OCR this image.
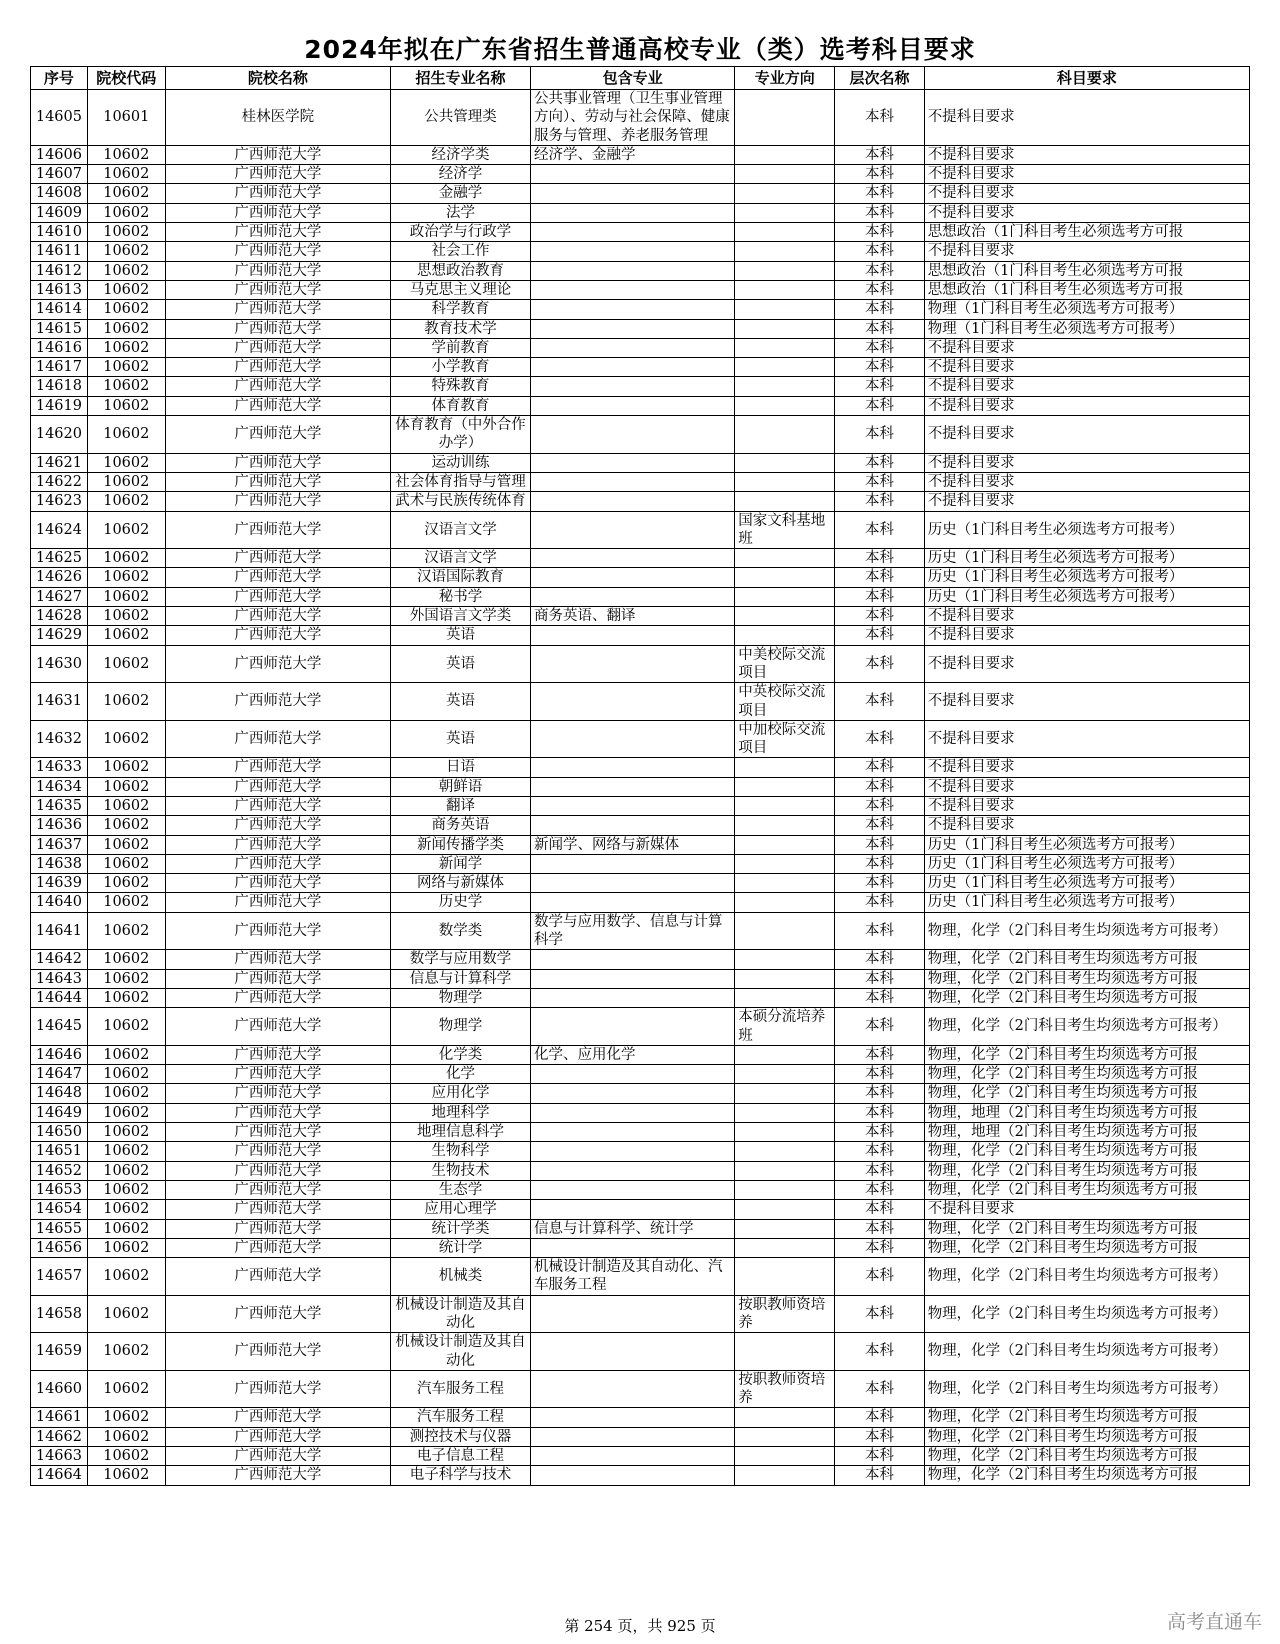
2024年拟在广东省招生普通高校专业（类）选考科目要求
序号	院校代码	院校名称	招生专业名称	包含专业	专业方向	层次名称	科目要求
14605	10601	桂林医学院	公共管理类	公共事业管理（卫生事业管理方向）、劳动与社会保障、健康服务与管理、养老服务管理		本科	不提科目要求
14606	10602	广西师范大学	经济学类	经济学、金融学		本科	不提科目要求
14607	10602	广西师范大学	经济学			本科	不提科目要求
14608	10602	广西师范大学	金融学			本科	不提科目要求
14609	10602	广西师范大学	法学			本科	不提科目要求
14610	10602	广西师范大学	政治学与行政学			本科	思想政治（1门科目考生必须选考方可报
14611	10602	广西师范大学	社会工作			本科	不提科目要求
14612	10602	广西师范大学	思想政治教育			本科	思想政治（1门科目考生必须选考方可报
14613	10602	广西师范大学	马克思主义理论			本科	思想政治（1门科目考生必须选考方可报
14614	10602	广西师范大学	科学教育			本科	物理（1门科目考生必须选考方可报考）
14615	10602	广西师范大学	教育技术学			本科	物理（1门科目考生必须选考方可报考）
14616	10602	广西师范大学	学前教育			本科	不提科目要求
14617	10602	广西师范大学	小学教育			本科	不提科目要求
14618	10602	广西师范大学	特殊教育			本科	不提科目要求
14619	10602	广西师范大学	体育教育			本科	不提科目要求
14620	10602	广西师范大学	体育教育（中外合作办学）			本科	不提科目要求
14621	10602	广西师范大学	运动训练			本科	不提科目要求
14622	10602	广西师范大学	社会体育指导与管理			本科	不提科目要求
14623	10602	广西师范大学	武术与民族传统体育			本科	不提科目要求
14624	10602	广西师范大学	汉语言文学		国家文科基地班	本科	历史（1门科目考生必须选考方可报考）
14625	10602	广西师范大学	汉语言文学			本科	历史（1门科目考生必须选考方可报考）
14626	10602	广西师范大学	汉语国际教育			本科	历史（1门科目考生必须选考方可报考）
14627	10602	广西师范大学	秘书学			本科	历史（1门科目考生必须选考方可报考）
14628	10602	广西师范大学	外国语言文学类	商务英语、翻译		本科	不提科目要求
14629	10602	广西师范大学	英语			本科	不提科目要求
14630	10602	广西师范大学	英语		中美校际交流项目	本科	不提科目要求
14631	10602	广西师范大学	英语		中英校际交流项目	本科	不提科目要求
14632	10602	广西师范大学	英语		中加校际交流项目	本科	不提科目要求
14633	10602	广西师范大学	日语			本科	不提科目要求
14634	10602	广西师范大学	朝鲜语			本科	不提科目要求
14635	10602	广西师范大学	翻译			本科	不提科目要求
14636	10602	广西师范大学	商务英语			本科	不提科目要求
14637	10602	广西师范大学	新闻传播学类	新闻学、网络与新媒体		本科	历史（1门科目考生必须选考方可报考）
14638	10602	广西师范大学	新闻学			本科	历史（1门科目考生必须选考方可报考）
14639	10602	广西师范大学	网络与新媒体			本科	历史（1门科目考生必须选考方可报考）
14640	10602	广西师范大学	历史学			本科	历史（1门科目考生必须选考方可报考）
14641	10602	广西师范大学	数学类	数学与应用数学、信息与计算科学		本科	物理，化学（2门科目考生均须选考方可报考）
14642	10602	广西师范大学	数学与应用数学			本科	物理，化学（2门科目考生均须选考方可报
14643	10602	广西师范大学	信息与计算科学			本科	物理，化学（2门科目考生均须选考方可报
14644	10602	广西师范大学	物理学			本科	物理，化学（2门科目考生均须选考方可报
14645	10602	广西师范大学	物理学		本硕分流培养班	本科	物理，化学（2门科目考生均须选考方可报考）
14646	10602	广西师范大学	化学类	化学、应用化学		本科	物理，化学（2门科目考生均须选考方可报
14647	10602	广西师范大学	化学			本科	物理，化学（2门科目考生均须选考方可报
14648	10602	广西师范大学	应用化学			本科	物理，化学（2门科目考生均须选考方可报
14649	10602	广西师范大学	地理科学			本科	物理，地理（2门科目考生均须选考方可报
14650	10602	广西师范大学	地理信息科学			本科	物理，地理（2门科目考生均须选考方可报
14651	10602	广西师范大学	生物科学			本科	物理，化学（2门科目考生均须选考方可报
14652	10602	广西师范大学	生物技术			本科	物理，化学（2门科目考生均须选考方可报
14653	10602	广西师范大学	生态学			本科	物理，化学（2门科目考生均须选考方可报
14654	10602	广西师范大学	应用心理学			本科	不提科目要求
14655	10602	广西师范大学	统计学类	信息与计算科学、统计学		本科	物理，化学（2门科目考生均须选考方可报
14656	10602	广西师范大学	统计学			本科	物理，化学（2门科目考生均须选考方可报
14657	10602	广西师范大学	机械类	机械设计制造及其自动化、汽车服务工程		本科	物理，化学（2门科目考生均须选考方可报考）
14658	10602	广西师范大学	机械设计制造及其自动化		按职教师资培养	本科	物理，化学（2门科目考生均须选考方可报考）
14659	10602	广西师范大学	机械设计制造及其自动化			本科	物理，化学（2门科目考生均须选考方可报考）
14660	10602	广西师范大学	汽车服务工程		按职教师资培养	本科	物理，化学（2门科目考生均须选考方可报考）
14661	10602	广西师范大学	汽车服务工程			本科	物理，化学（2门科目考生均须选考方可报
14662	10602	广西师范大学	测控技术与仪器			本科	物理，化学（2门科目考生均须选考方可报
14663	10602	广西师范大学	电子信息工程			本科	物理，化学（2门科目考生均须选考方可报
14664	10602	广西师范大学	电子科学与技术			本科	物理，化学（2门科目考生均须选考方可报
第 254 页，共 925 页	高考直通车
